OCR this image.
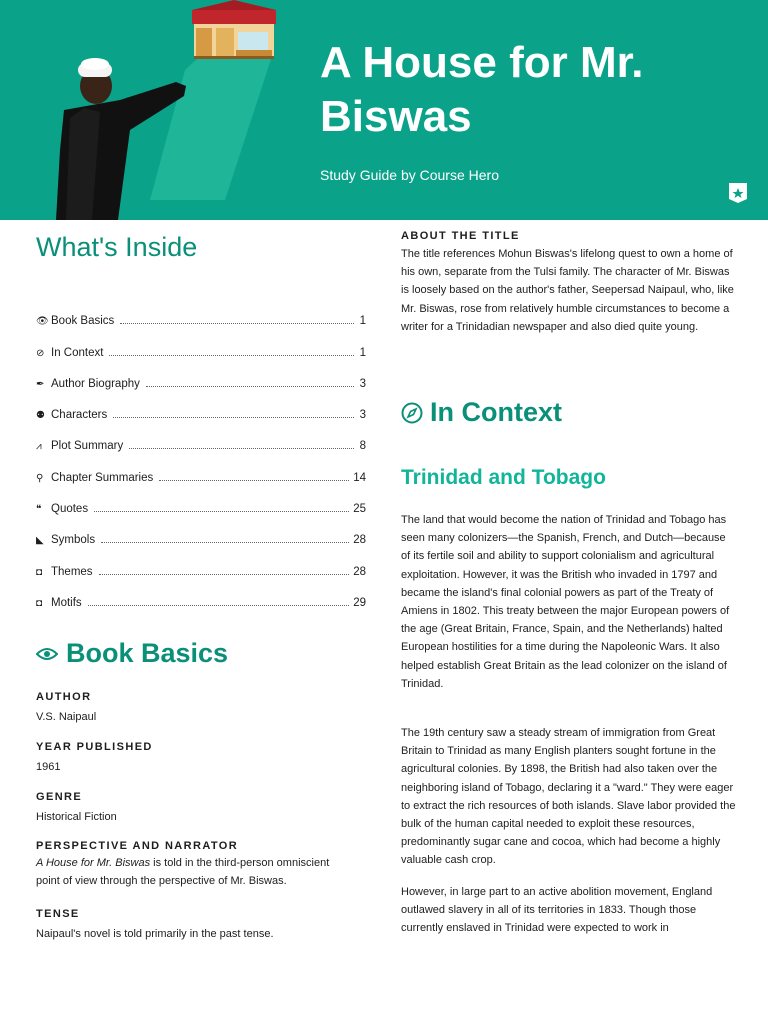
A House for Mr. Biswas
Study Guide by Course Hero
What's Inside
👁 Book Basics	1
⊘ In Context	1
✒ Author Biography	3
⚉ Characters	3
⩘ Plot Summary	8
⚲ Chapter Summaries	14
❝ Quotes	25
◣ Symbols	28
◘ Themes	28
◘ Motifs	29
Book Basics
AUTHOR
V.S. Naipaul
YEAR PUBLISHED
1961
GENRE
Historical Fiction
PERSPECTIVE AND NARRATOR
A House for Mr. Biswas is told in the third-person omniscient point of view through the perspective of Mr. Biswas.
TENSE
Naipaul's novel is told primarily in the past tense.
ABOUT THE TITLE

The title references Mohun Biswas's lifelong quest to own a home of his own, separate from the Tulsi family. The character of Mr. Biswas is loosely based on the author's father, Seepersad Naipaul, who, like Mr. Biswas, rose from relatively humble circumstances to become a writer for a Trinidadian newspaper and also died quite young.

In Context
Trinidad and Tobago

The land that would become the nation of Trinidad and Tobago has seen many colonizers—the Spanish, French, and Dutch—because of its fertile soil and ability to support colonialism and agricultural exploitation. However, it was the British who invaded in 1797 and became the island's final colonial powers as part of the Treaty of Amiens in 1802. This treaty between the major European powers of the age (Great Britain, France, Spain, and the Netherlands) halted European hostilities for a time during the Napoleonic Wars. It also helped establish Great Britain as the lead colonizer on the island of Trinidad.

The 19th century saw a steady stream of immigration from Great Britain to Trinidad as many English planters sought fortune in the agricultural colonies. By 1898, the British had also taken over the neighboring island of Tobago, declaring it a "ward." They were eager to extract the rich resources of both islands. Slave labor provided the bulk of the human capital needed to exploit these resources, predominantly sugar cane and cocoa, which had become a highly valuable cash crop.

However, in large part to an active abolition movement, England outlawed slavery in all of its territories in 1833. Though those currently enslaved in Trinidad were expected to work in
